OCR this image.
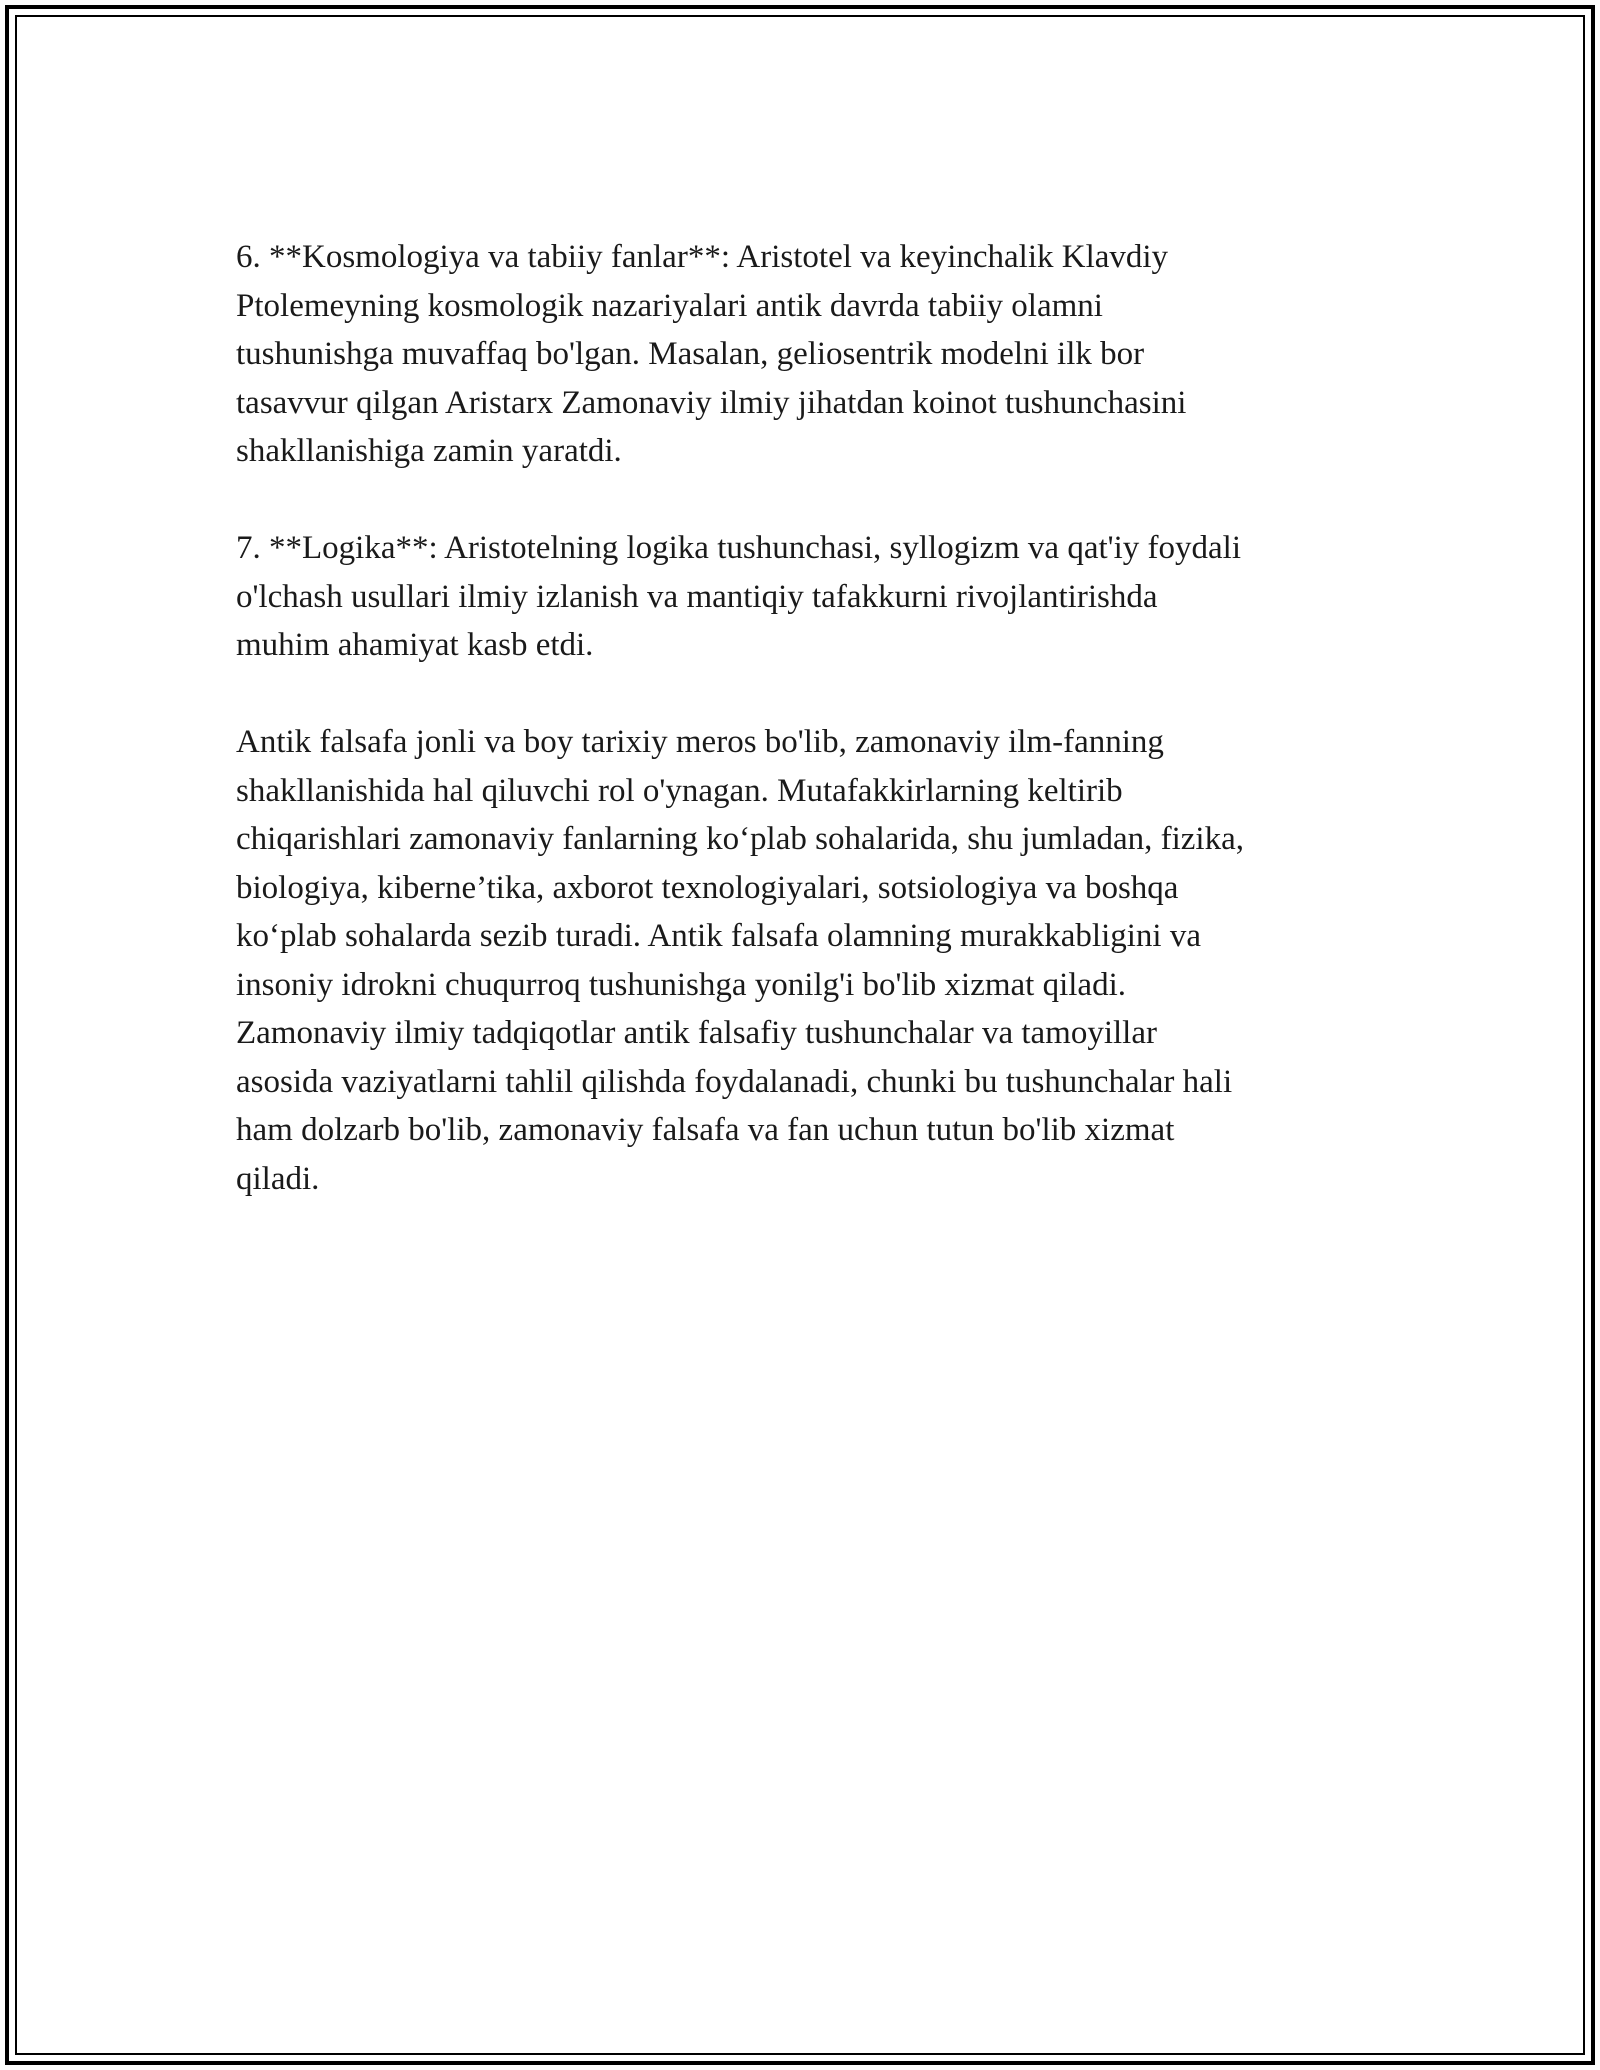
6. **Kosmologiya va tabiiy fanlar**: Aristotel va keyinchalik Klavdiy
Ptolemeyning kosmologik nazariyalari antik davrda tabiiy olamni
tushunishga muvaffaq bo'lgan. Masalan, geliosentrik modelni ilk bor
tasavvur qilgan Aristarx Zamonaviy ilmiy jihatdan koinot tushunchasini
shakllanishiga zamin yaratdi.

7. **Logika**: Aristotelning logika tushunchasi, syllogizm va qat'iy foydali
o'lchash usullari ilmiy izlanish va mantiqiy tafakkurni rivojlantirishda
muhim ahamiyat kasb etdi.

Antik falsafa jonli va boy tarixiy meros bo'lib, zamonaviy ilm-fanning
shakllanishida hal qiluvchi rol o'ynagan. Mutafakkirlarning keltirib
chiqarishlari zamonaviy fanlarning ko‘plab sohalarida, shu jumladan, fizika,
biologiya, kiberne’tika, axborot texnologiyalari, sotsiologiya va boshqa
ko‘plab sohalarda sezib turadi. Antik falsafa olamning murakkabligini va
insoniy idrokni chuqurroq tushunishga yonilg'i bo'lib xizmat qiladi.
Zamonaviy ilmiy tadqiqotlar antik falsafiy tushunchalar va tamoyillar
asosida vaziyatlarni tahlil qilishda foydalanadi, chunki bu tushunchalar hali
ham dolzarb bo'lib, zamonaviy falsafa va fan uchun tutun bo'lib xizmat
qiladi.
